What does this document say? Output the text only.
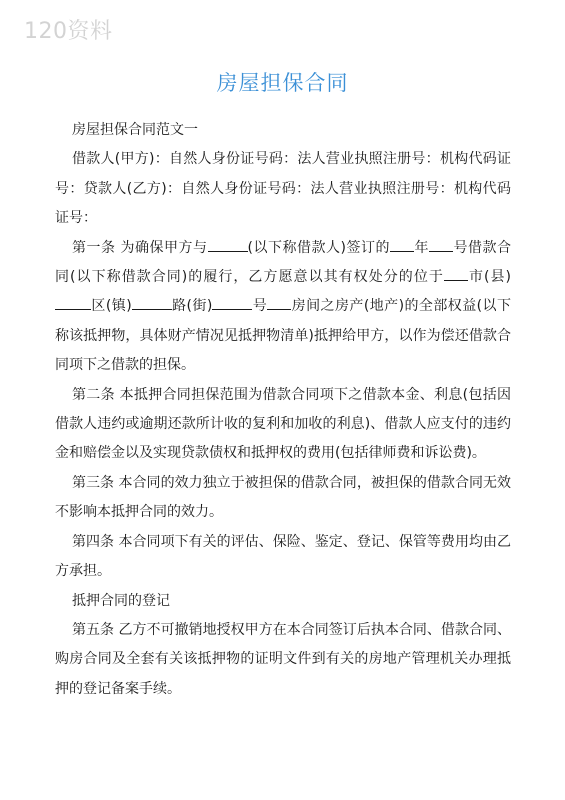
120资料
房屋担保合同

房屋担保合同范文一

借款人(甲方)：自然人身份证号码：法人营业执照注册号：机构代码证号：贷款人(乙方)：自然人身份证号码：法人营业执照注册号：机构代码证号：

第一条 为确保甲方与	(以下称借款人)签订的 年 号借款合同(以下称借款合同)的履行，乙方愿意以其有权处分的位于 市(县)区(镇)	路(街)	号 房间之房产(地产)的全部权益(以下称该抵押物，具体财产情况见抵押物清单)抵押给甲方，以作为偿还借款合同项下之借款的担保。

第二条 本抵押合同担保范围为借款合同项下之借款本金、利息(包括因借款人违约或逾期还款所计收的复利和加收的利息)、借款人应支付的违约金和赔偿金以及实现贷款债权和抵押权的费用(包括律师费和诉讼费)。

第三条 本合同的效力独立于被担保的借款合同，被担保的借款合同无效不影响本抵押合同的效力。

第四条 本合同项下有关的评估、保险、鉴定、登记、保管等费用均由乙方承担。

抵押合同的登记

第五条 乙方不可撤销地授权甲方在本合同签订后执本合同、借款合同、购房合同及全套有关该抵押物的证明文件到有关的房地产管理机关办理抵押的登记备案手续。
